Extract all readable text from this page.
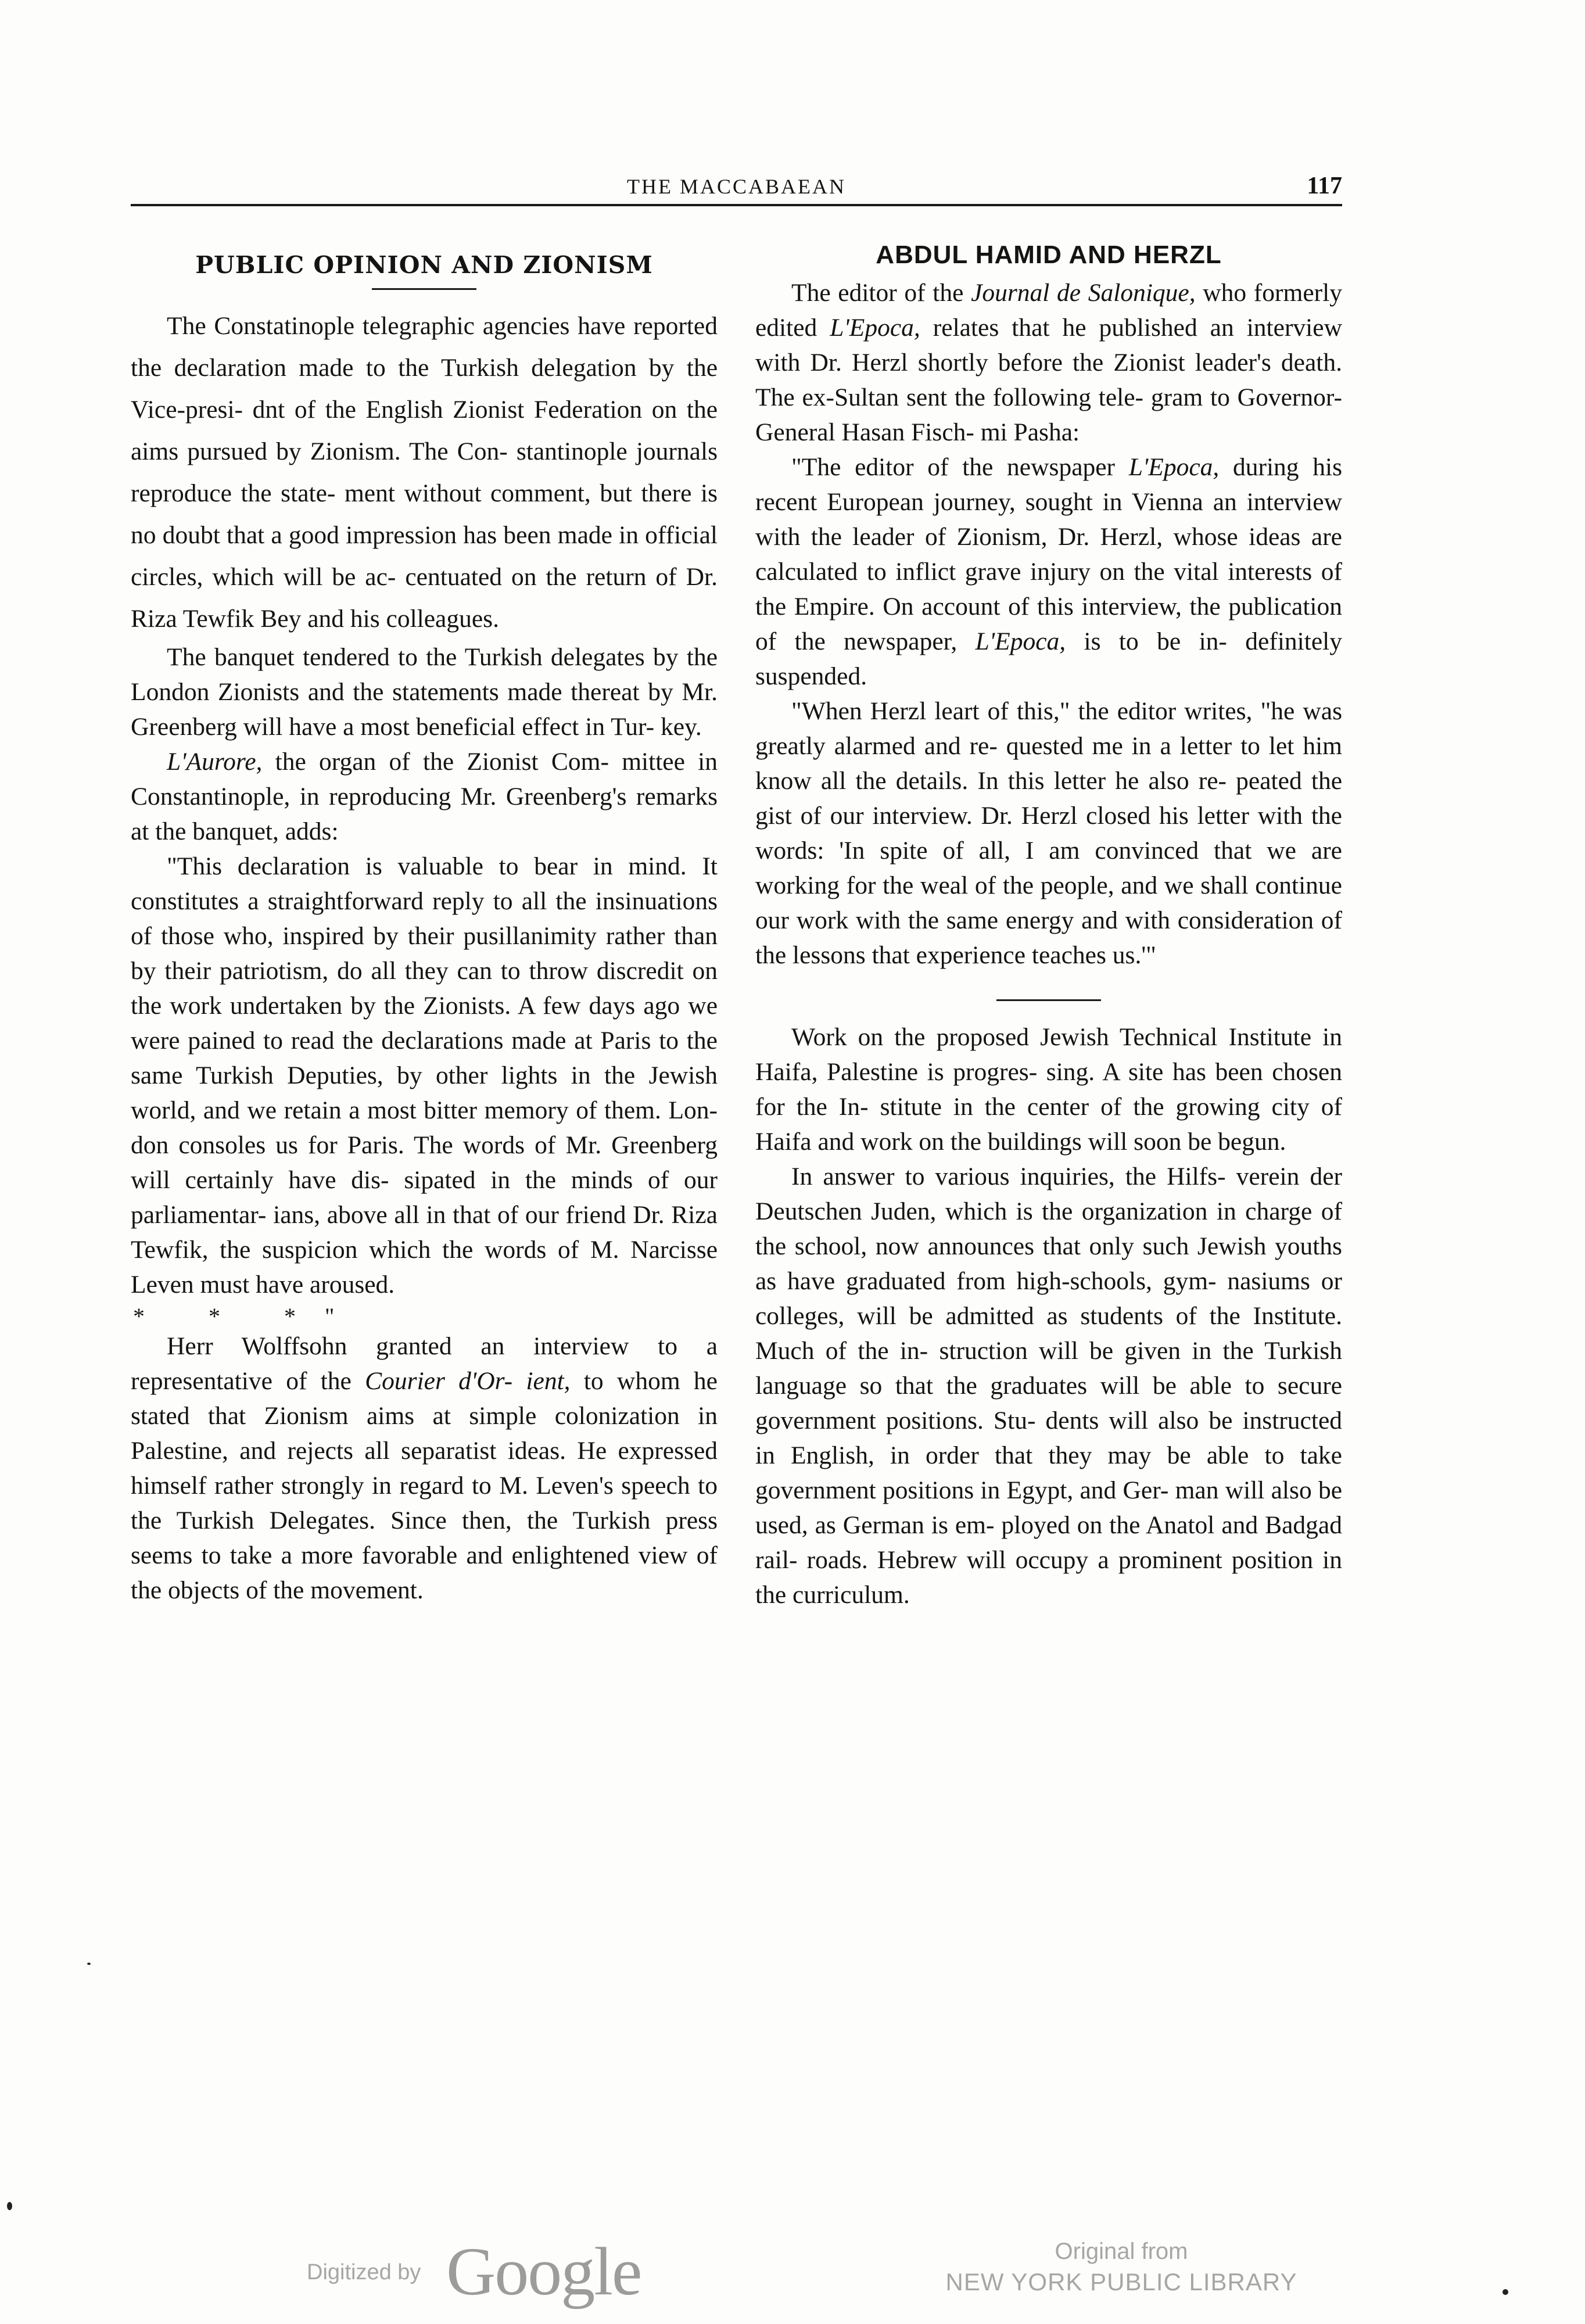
THE MACCABAEAN	117
PUBLIC OPINION AND ZIONISM

The Constatinople telegraphic agencies have reported the declaration made to the Turkish delegation by the Vice-presi- dnt of the English Zionist Federation on the aims pursued by Zionism. The Con- stantinople journals reproduce the state- ment without comment, but there is no doubt that a good impression has been made in official circles, which will be ac- centuated on the return of Dr. Riza Tewfik Bey and his colleagues.

The banquet tendered to the Turkish delegates by the London Zionists and the statements made thereat by Mr. Greenberg will have a most beneficial effect in Tur- key.

L'Aurore, the organ of the Zionist Com- mittee in Constantinople, in reproducing Mr. Greenberg's remarks at the banquet, adds:

"This declaration is valuable to bear in mind. It constitutes a straightforward reply to all the insinuations of those who, inspired by their pusillanimity rather than by their patriotism, do all they can to throw discredit on the work undertaken by the Zionists. A few days ago we were pained to read the declarations made at Paris to the same Turkish Deputies, by other lights in the Jewish world, and we retain a most bitter memory of them. Lon- don consoles us for Paris. The words of Mr. Greenberg will certainly have dis- sipated in the minds of our parliamentar- ians, above all in that of our friend Dr. Riza Tewfik, the suspicion which the words of M. Narcisse Leven must have aroused.

* * *"

Herr Wolffsohn granted an interview to a representative of the Courier d'Or- ient, to whom he stated that Zionism aims at simple colonization in Palestine, and rejects all separatist ideas. He expressed himself rather strongly in regard to M. Leven's speech to the Turkish Delegates. Since then, the Turkish press seems to take a more favorable and enlightened view of the objects of the movement.

ABDUL HAMID AND HERZL

The editor of the Journal de Salonique, who formerly edited L'Epoca, relates that he published an interview with Dr. Herzl shortly before the Zionist leader's death. The ex-Sultan sent the following tele- gram to Governor-General Hasan Fisch- mi Pasha:

"The editor of the newspaper L'Epoca, during his recent European journey, sought in Vienna an interview with the leader of Zionism, Dr. Herzl, whose ideas are calculated to inflict grave injury on the vital interests of the Empire. On account of this interview, the publication of the newspaper, L'Epoca, is to be in- definitely suspended.

"When Herzl leart of this," the editor writes, "he was greatly alarmed and re- quested me in a letter to let him know all the details. In this letter he also re- peated the gist of our interview. Dr. Herzl closed his letter with the words: 'In spite of all, I am convinced that we are working for the weal of the people, and we shall continue our work with the same energy and with consideration of the lessons that experience teaches us.'"

Work on the proposed Jewish Technical Institute in Haifa, Palestine is progres- sing. A site has been chosen for the In- stitute in the center of the growing city of Haifa and work on the buildings will soon be begun.

In answer to various inquiries, the Hilfs- verein der Deutschen Juden, which is the organization in charge of the school, now announces that only such Jewish youths as have graduated from high-schools, gym- nasiums or colleges, will be admitted as students of the Institute. Much of the in- struction will be given in the Turkish language so that the graduates will be able to secure government positions. Stu- dents will also be instructed in English, in order that they may be able to take government positions in Egypt, and Ger- man will also be used, as German is em- ployed on the Anatol and Badgad rail- roads. Hebrew will occupy a prominent position in the curriculum.

Digitized by Google	Original from
NEW YORK PUBLIC LIBRARY
